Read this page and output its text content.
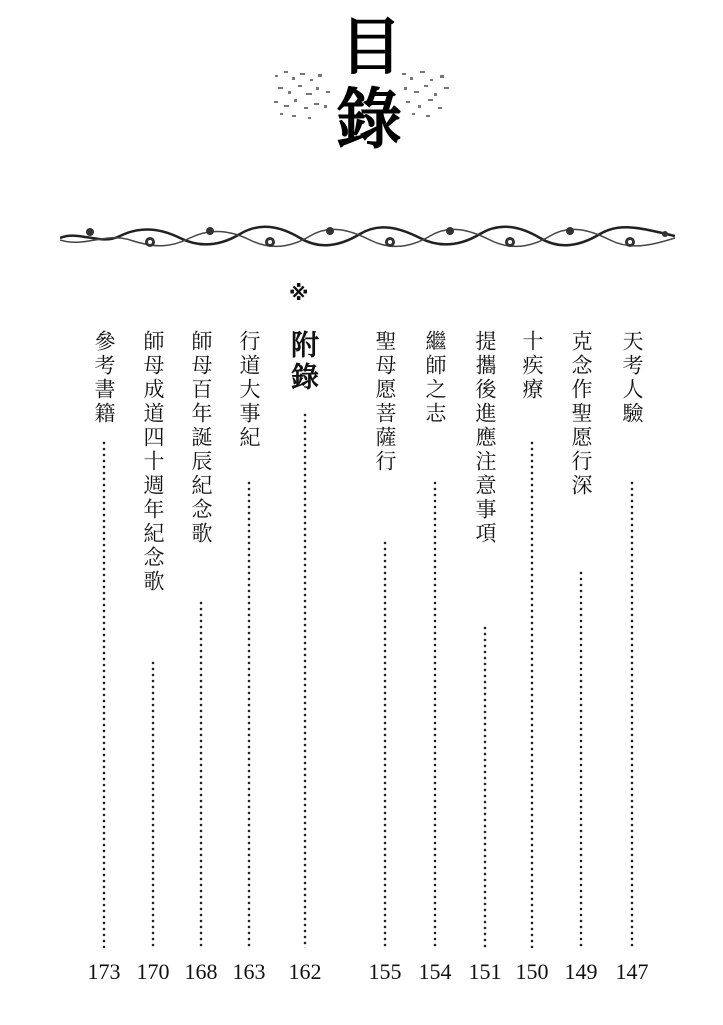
目
錄
※
附錄	天考人驗
克念作聖愿行深
十疾療
提攜後進應注意事項
繼師之志
聖母愿菩薩行
行道大事紀
師母百年誕辰紀念歌
師母成道四十週年紀念歌
參考書籍
147
149
150
151
154
155
162
163
168
170
173
